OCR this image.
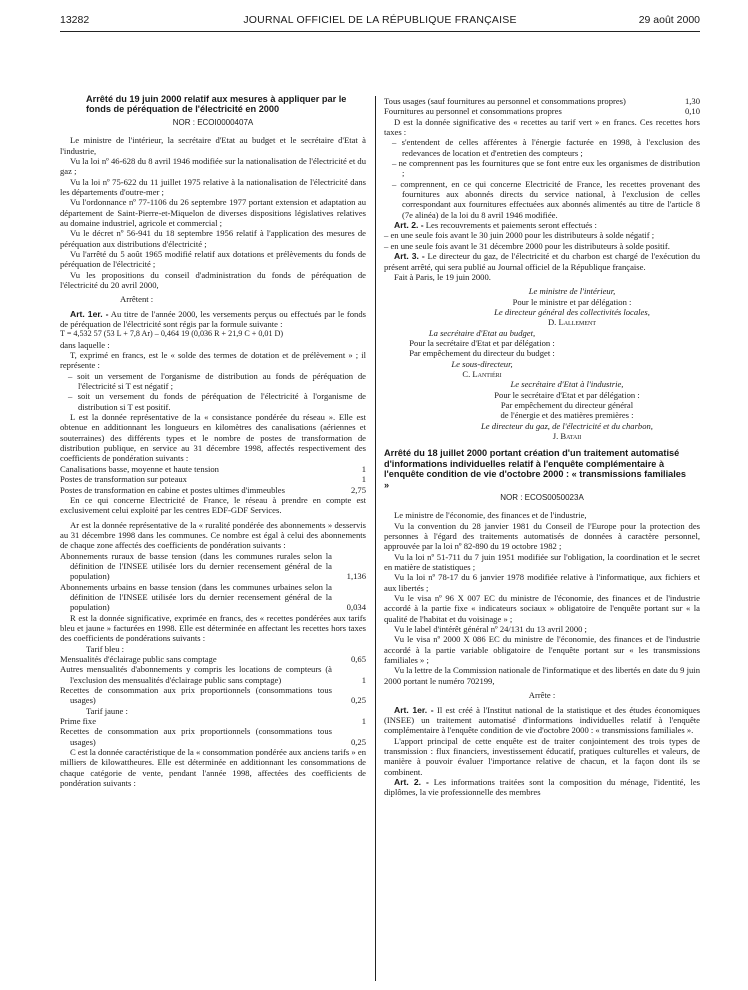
13282	JOURNAL OFFICIEL DE LA RÉPUBLIQUE FRANÇAISE	29 août 2000
Arrêté du 19 juin 2000 relatif aux mesures à appliquer par le fonds de péréquation de l'électricité en 2000
NOR : ECOI0000407A

Le ministre de l'intérieur, la secrétaire d'Etat au budget et le secrétaire d'Etat à l'industrie,

Vu la loi nº 46-628 du 8 avril 1946 modifiée sur la nationalisation de l'électricité et du gaz ;

Vu la loi nº 75-622 du 11 juillet 1975 relative à la nationalisation de l'électricité dans les départements d'outre-mer ;

Vu l'ordonnance nº 77-1106 du 26 septembre 1977 portant extension et adaptation au département de Saint-Pierre-et-Miquelon de diverses dispositions législatives relatives au domaine industriel, agricole et commercial ;

Vu le décret nº 56-941 du 18 septembre 1956 relatif à l'application des mesures de péréquation aux distributions d'électricité ;

Vu l'arrêté du 5 août 1965 modifié relatif aux dotations et prélèvements du fonds de péréquation de l'électricité ;

Vu les propositions du conseil d'administration du fonds de péréquation de l'électricité du 20 avril 2000,

Arrêtent :

Art. 1er. - Au titre de l'année 2000, les versements perçus ou effectués par le fonds de péréquation de l'électricité sont régis par la formule suivante :

T = 4,532 57 (53 L + 7,8 Ar) – 0,464 19 (0,036 R + 21,9 C + 0,01 D)

dans laquelle :

T, exprimé en francs, est le « solde des termes de dotation et de prélèvement » ; il représente :

– soit un versement de l'organisme de distribution au fonds de péréquation de l'électricité si T est négatif ;

– soit un versement du fonds de péréquation de l'électricité à l'organisme de distribution si T est positif.

L est la donnée représentative de la « consistance pondérée du réseau ». Elle est obtenue en additionnant les longueurs en kilomètres des canalisations (aériennes et souterraines) des différents types et le nombre de postes de transformation de distribution publique, en service au 31 décembre 1998, affectés respectivement des coefficients de pondération suivants :

Canalisations basse, moyenne et haute tension	1
Postes de transformation sur poteaux	1
Postes de transformation en cabine et postes ultimes d'immeubles	2,75

En ce qui concerne Electricité de France, le réseau à prendre en compte est exclusivement celui exploité par les centres EDF-GDF Services.

Ar est la donnée représentative de la « ruralité pondérée des abonnements » desservis au 31 décembre 1998 dans les communes. Ce nombre est égal à celui des abonnements de chaque zone affectés des coefficients de pondération suivants :

Abonnements ruraux de basse tension (dans les communes rurales selon la définition de l'INSEE utilisée lors du dernier recensement général de la population)	1,136
Abonnements urbains en basse tension (dans les communes urbaines selon la définition de l'INSEE utilisée lors du dernier recensement général de la population)	0,034

R est la donnée significative, exprimée en francs, des « recettes pondérées aux tarifs bleu et jaune » facturées en 1998. Elle est déterminée en affectant les recettes hors taxes des coefficients de pondérations suivants :

Tarif bleu :

Mensualités d'éclairage public sans comptage	0,65
Autres mensualités d'abonnements y compris les locations de compteurs (à l'exclusion des mensualités d'éclairage public sans comptage)	1
Recettes de consommation aux prix proportionnels (consommations tous usages)	0,25

Tarif jaune :

Prime fixe	1
Recettes de consommation aux prix proportionnels (consommations tous usages)	0,25

C est la donnée caractéristique de la « consommation pondérée aux anciens tarifs » en milliers de kilowattheures. Elle est déterminée en additionnant les consommations de chaque catégorie de vente, pendant l'année 1998, affectées des coefficients de pondération suivants :

Tous usages (sauf fournitures au personnel et consommations propres)	1,30
Fournitures au personnel et consommations propres	0,10

D est la donnée significative des « recettes au tarif vert » en francs. Ces recettes hors taxes :

– s'entendent de celles afférentes à l'énergie facturée en 1998, à l'exclusion des redevances de location et d'entretien des compteurs ;

– ne comprennent pas les fournitures que se font entre eux les organismes de distribution ;

– comprennent, en ce qui concerne Electricité de France, les recettes provenant des fournitures aux abonnés directs du service national, à l'exclusion de celles correspondant aux fournitures effectuées aux abonnés alimentés au titre de l'article 8 (7e alinéa) de la loi du 8 avril 1946 modifiée.

Art. 2. - Les recouvrements et paiements seront effectués :

– en une seule fois avant le 30 juin 2000 pour les distributeurs à solde négatif ;

– en une seule fois avant le 31 décembre 2000 pour les distributeurs à solde positif.

Art. 3. - Le directeur du gaz, de l'électricité et du charbon est chargé de l'exécution du présent arrêté, qui sera publié au Journal officiel de la République française.

Fait à Paris, le 19 juin 2000.

Le ministre de l'intérieur,

Pour le ministre et par délégation :

Le directeur général des collectivités locales,

D. Lallement

La secrétaire d'Etat au budget,

Pour la secrétaire d'Etat et par délégation :

Par empêchement du directeur du budget :

Le sous-directeur,

C. Lantiéri

Le secrétaire d'Etat à l'industrie,

Pour le secrétaire d'Etat et par délégation :

Par empêchement du directeur général

de l'énergie et des matières premières :

Le directeur du gaz, de l'électricité et du charbon,

J. Bataii

Arrêté du 18 juillet 2000 portant création d'un traitement automatisé d'informations individuelles relatif à l'enquête complémentaire à l'enquête condition de vie d'octobre 2000 : « transmissions familiales »
NOR : ECOS0050023A

Le ministre de l'économie, des finances et de l'industrie,

Vu la convention du 28 janvier 1981 du Conseil de l'Europe pour la protection des personnes à l'égard des traitements automatisés de données à caractère personnel, approuvée par la loi nº 82-890 du 19 octobre 1982 ;

Vu la loi nº 51-711 du 7 juin 1951 modifiée sur l'obligation, la coordination et le secret en matière de statistiques ;

Vu la loi nº 78-17 du 6 janvier 1978 modifiée relative à l'informatique, aux fichiers et aux libertés ;

Vu le visa nº 96 X 007 EC du ministre de l'économie, des finances et de l'industrie accordé à la partie fixe « indicateurs sociaux » obligatoire de l'enquête portant sur « la qualité de l'habitat et du voisinage » ;

Vu le label d'intérêt général nº 24/131 du 13 avril 2000 ;

Vu le visa nº 2000 X 086 EC du ministre de l'économie, des finances et de l'industrie accordé à la partie variable obligatoire de l'enquête portant sur « les transmissions familiales » ;

Vu la lettre de la Commission nationale de l'informatique et des libertés en date du 9 juin 2000 portant le numéro 702199,

Arrête :

Art. 1er. - Il est créé à l'Institut national de la statistique et des études économiques (INSEE) un traitement automatisé d'informations individuelles relatif à l'enquête complémentaire à l'enquête condition de vie d'octobre 2000 : « transmissions familiales ».

L'apport principal de cette enquête est de traiter conjointement des trois types de transmission : flux financiers, investissement éducatif, pratiques culturelles et valeurs, de manière à pouvoir évaluer l'importance relative de chacun, et la façon dont ils se combinent.

Art. 2. - Les informations traitées sont la composition du ménage, l'identité, les diplômes, la vie professionnelle des membres
